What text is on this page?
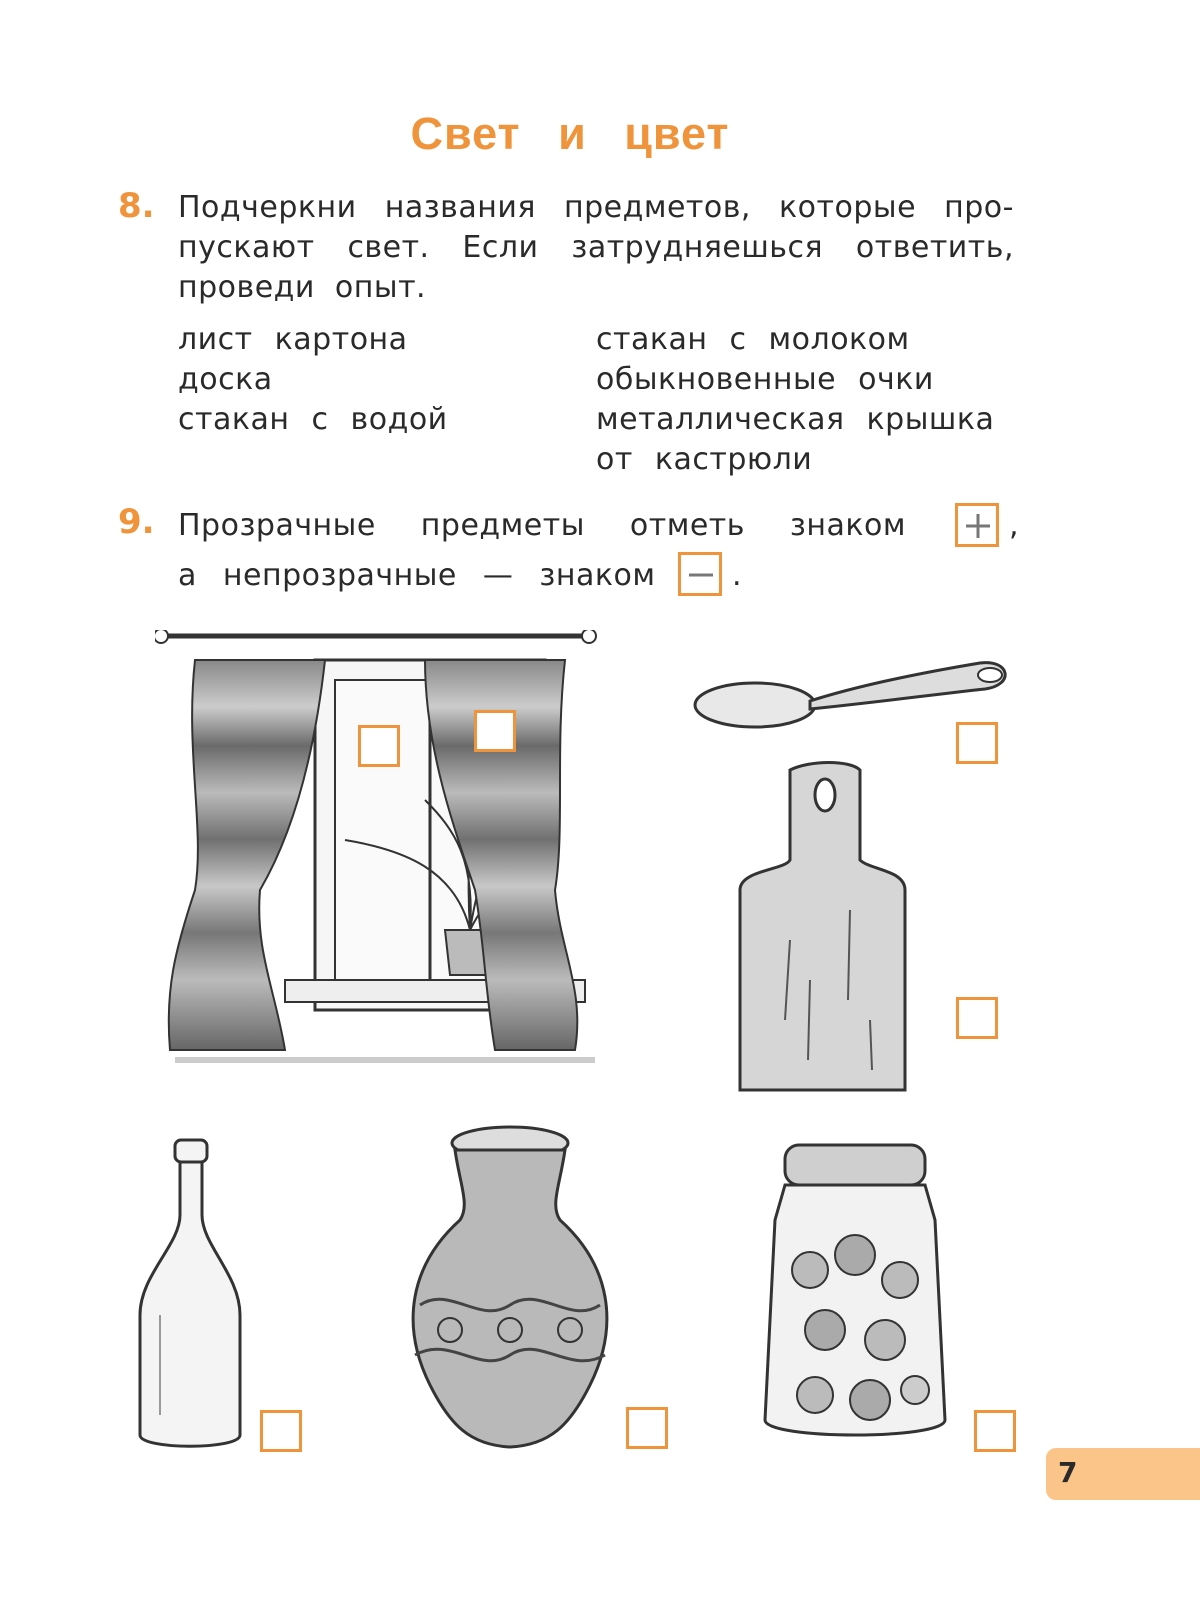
Свет и цвет
8. Подчеркни названия предметов, которые про-
пускают свет. Если затрудняешься ответить,
проведи опыт.
лист картона
доска
стакан с водой
стакан с молоком
обыкновенные очки
металлическая крышка
от кастрюли
9. Прозрачные предметы отметь знаком	,
а непрозрачные — знаком	.
7
